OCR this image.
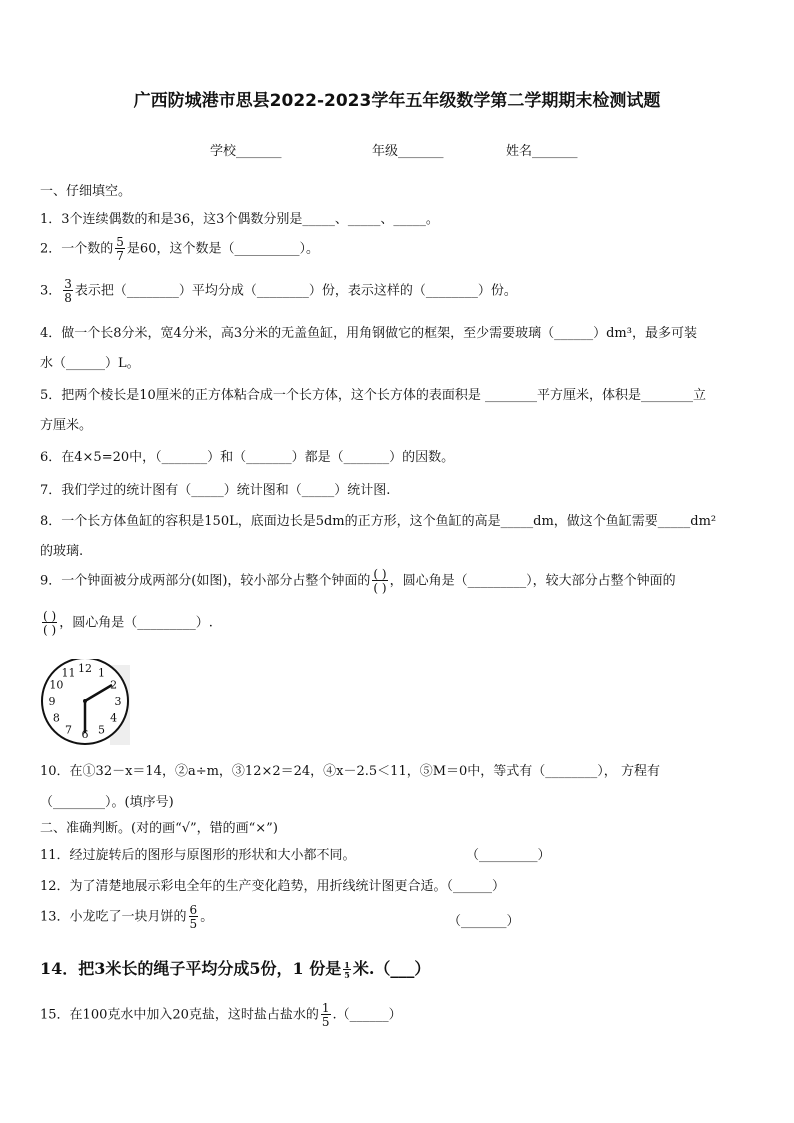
广西防城港市思县2022-2023学年五年级数学第二学期期末检测试题
学校_______	年级_______	姓名_______
一、仔细填空。
1．3个连续偶数的和是36，这3个偶数分别是_____、_____、_____。
2．一个数的 $\frac{5}{7}$ 是60，这个数是（__________）。
3． $\frac{3}{8}$ 表示把（________）平均分成（________）份，表示这样的（________）份。
4．做一个长8分米，宽4分米，高3分米的无盖鱼缸，用角钢做它的框架，至少需要玻璃（______）dm³，最多可装
水（______）L。
5．把两个棱长是10厘米的正方体粘合成一个长方体，这个长方体的表面积是 ________平方厘米，体积是________立
方厘米。
6．在4×5=20中，（_______）和（_______）都是（_______）的因数。
7．我们学过的统计图有（_____）统计图和（_____）统计图.
8．一个长方体鱼缸的容积是150L，底面边长是5dm的正方形，这个鱼缸的高是_____dm，做这个鱼缸需要_____dm²
的玻璃.
9．一个钟面被分成两部分(如图)，较小部分占整个钟面的 $\frac{( )}{( )}$ ，圆心角是（_________），较大部分占整个钟面的
$\frac{( )}{( )}$ ，圆心角是（_________）.
12 1
2
3
4
5
6
7
8
9
10
11
10．在①32－x＝14，②a÷m，③12×2＝24，④x－2.5＜11，⑤M＝0中，等式有（________）， 方程有
（________）。(填序号)
二、准确判断。(对的画“√”，错的画“×”)
11．经过旋转后的图形与原图形的形状和大小都不同。	（_________）
12．为了清楚地展示彩电全年的生产变化趋势，用折线统计图更合适。（______）
13．小龙吃了一块月饼的 $\frac{6}{5}$ 。	（_______）
14．把3米长的绳子平均分成5份，1 份是 $\frac{1}{5}$ 米.（___）
15．在100克水中加入20克盐，这时盐占盐水的 $\frac{1}{5}$ .（______）
